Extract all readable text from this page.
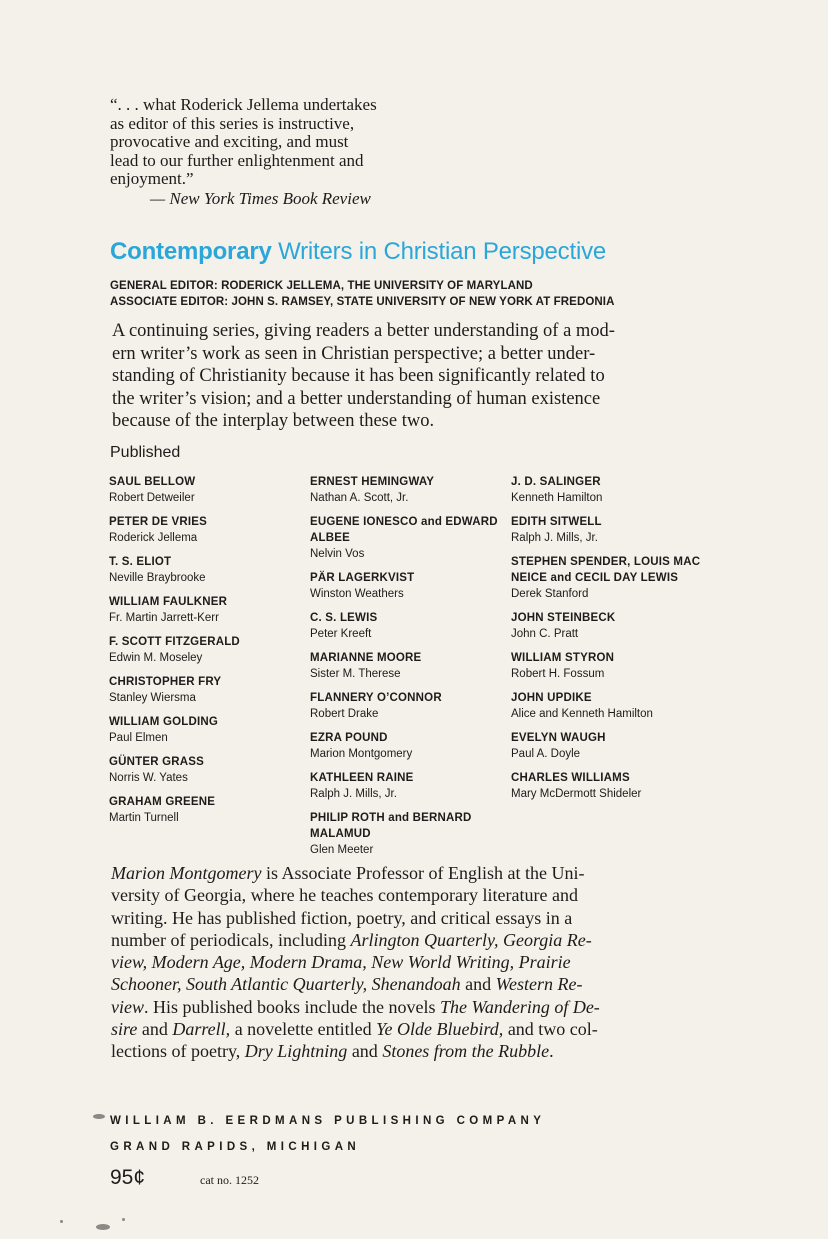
“. . . what Roderick Jellema undertakes
as editor of this series is instructive,
provocative and exciting, and must
lead to our further enlightenment and
enjoyment.”
— New York Times Book Review
Contemporary Writers in Christian Perspective
GENERAL EDITOR: RODERICK JELLEMA, THE UNIVERSITY OF MARYLAND
ASSOCIATE EDITOR: JOHN S. RAMSEY, STATE UNIVERSITY OF NEW YORK AT FREDONIA
A continuing series, giving readers a better understanding of a mod-
ern writer’s work as seen in Christian perspective; a better under-
standing of Christianity because it has been significantly related to
the writer’s vision; and a better understanding of human existence
because of the interplay between these two.
Published
SAUL BELLOW
Robert Detweiler
PETER DE VRIES
Roderick Jellema
T. S. ELIOT
Neville Braybrooke
WILLIAM FAULKNER
Fr. Martin Jarrett-Kerr
F. SCOTT FITZGERALD
Edwin M. Moseley
CHRISTOPHER FRY
Stanley Wiersma
WILLIAM GOLDING
Paul Elmen
GÜNTER GRASS
Norris W. Yates
GRAHAM GREENE
Martin Turnell
ERNEST HEMINGWAY
Nathan A. Scott, Jr.
EUGENE IONESCO and EDWARD ALBEE
Nelvin Vos
PÄR LAGERKVIST
Winston Weathers
C. S. LEWIS
Peter Kreeft
MARIANNE MOORE
Sister M. Therese
FLANNERY O’CONNOR
Robert Drake
EZRA POUND
Marion Montgomery
KATHLEEN RAINE
Ralph J. Mills, Jr.
PHILIP ROTH and BERNARD MALAMUD
Glen Meeter
J. D. SALINGER
Kenneth Hamilton
EDITH SITWELL
Ralph J. Mills, Jr.
STEPHEN SPENDER, LOUIS MAC NEICE and CECIL DAY LEWIS
Derek Stanford
JOHN STEINBECK
John C. Pratt
WILLIAM STYRON
Robert H. Fossum
JOHN UPDIKE
Alice and Kenneth Hamilton
EVELYN WAUGH
Paul A. Doyle
CHARLES WILLIAMS
Mary McDermott Shideler
Marion Montgomery is Associate Professor of English at the Uni-
versity of Georgia, where he teaches contemporary literature and
writing. He has published fiction, poetry, and critical essays in a
number of periodicals, including Arlington Quarterly, Georgia Re-
view, Modern Age, Modern Drama, New World Writing, Prairie
Schooner, South Atlantic Quarterly, Shenandoah and Western Re-
view. His published books include the novels The Wandering of De-
sire and Darrell, a novelette entitled Ye Olde Bluebird, and two col-
lections of poetry, Dry Lightning and Stones from the Rubble.
WILLIAM B. EERDMANS PUBLISHING COMPANY
GRAND RAPIDS, MICHIGAN
95¢	cat no. 1252
